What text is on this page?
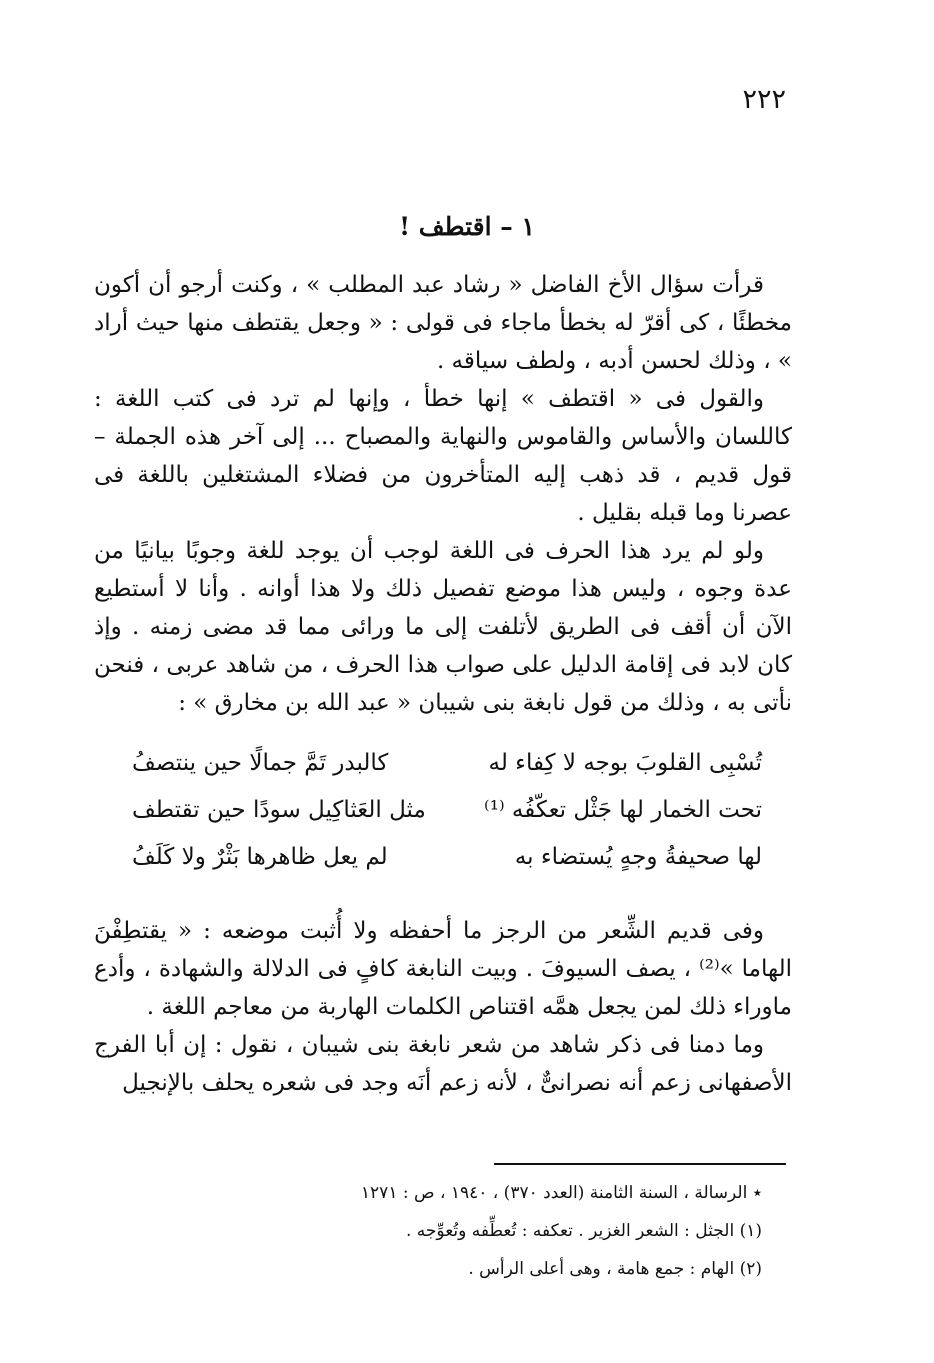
٢٢٢
١ – اقتطف !

قرأت سؤال الأخ الفاضل « رشاد عبد المطلب » ، وكنت أرجو أن أكون مخطئًا ، كى أقرّ له بخطأ ماجاء فى قولى : « وجعل يقتطف منها حيث أراد » ، وذلك لحسن أدبه ، ولطف سياقه .

والقول فى « اقتطف » إنها خطأ ، وإنها لم ترد فى كتب اللغة : كاللسان والأساس والقاموس والنهاية والمصباح ... إلى آخر هذه الجملة – قول قديم ، قد ذهب إليه المتأخرون من فضلاء المشتغلين باللغة فى عصرنا وما قبله بقليل .

ولو لم يرد هذا الحرف فى اللغة لوجب أن يوجد للغة وجوبًا بيانيًا من عدة وجوه ، وليس هذا موضع تفصيل ذلك ولا هذا أوانه . وأنا لا أستطيع الآن أن أقف فى الطريق لأتلفت إلى ما ورائى مما قد مضى زمنه . وإذ كان لابد فى إقامة الدليل على صواب هذا الحرف ، من شاهد عربى ، فنحن نأتى به ، وذلك من قول نابغة بنى شيبان « عبد الله بن مخارق » :

تُسْبِى القلوبَ بوجه لا كِفاء له
كالبدر تَمَّ جمالًا حين ينتصفُ
تحت الخمار لها جَثْل تعكّفُه ⁽¹⁾
مثل العَثاكِيل سودًا حين تقتطف
لها صحيفةُ وجهٍ يُستضاء به
لم يعل ظاهرها بَثْرٌ ولا كَلَفُ

وفى قديم الشِّعر من الرجز ما أحفظه ولا أُثبت موضعه : « يقتطِفْنَ الهاما »⁽²⁾ ، يصف السيوفَ . وبيت النابغة كافٍ فى الدلالة والشهادة ، وأدع ماوراء ذلك لمن يجعل همَّه اقتناص الكلمات الهاربة من معاجم اللغة .

وما دمنا فى ذكر شاهد من شعر نابغة بنى شيبان ، نقول : إن أبا الفرج الأصفهانى زعم أنه نصرانىٌّ ، لأنه زعم أنَه وجد فى شعره يحلف بالإنجيل

٭ الرسالة ، السنة الثامنة (العدد ٣٧٠) ، ١٩٤٠ ، ص : ١٢٧١
(١) الجثل : الشعر الغزير . تعكفه : تُعطِّفه وتُعوِّجه .
(٢) الهام : جمع هامة ، وهى أعلى الرأس .
